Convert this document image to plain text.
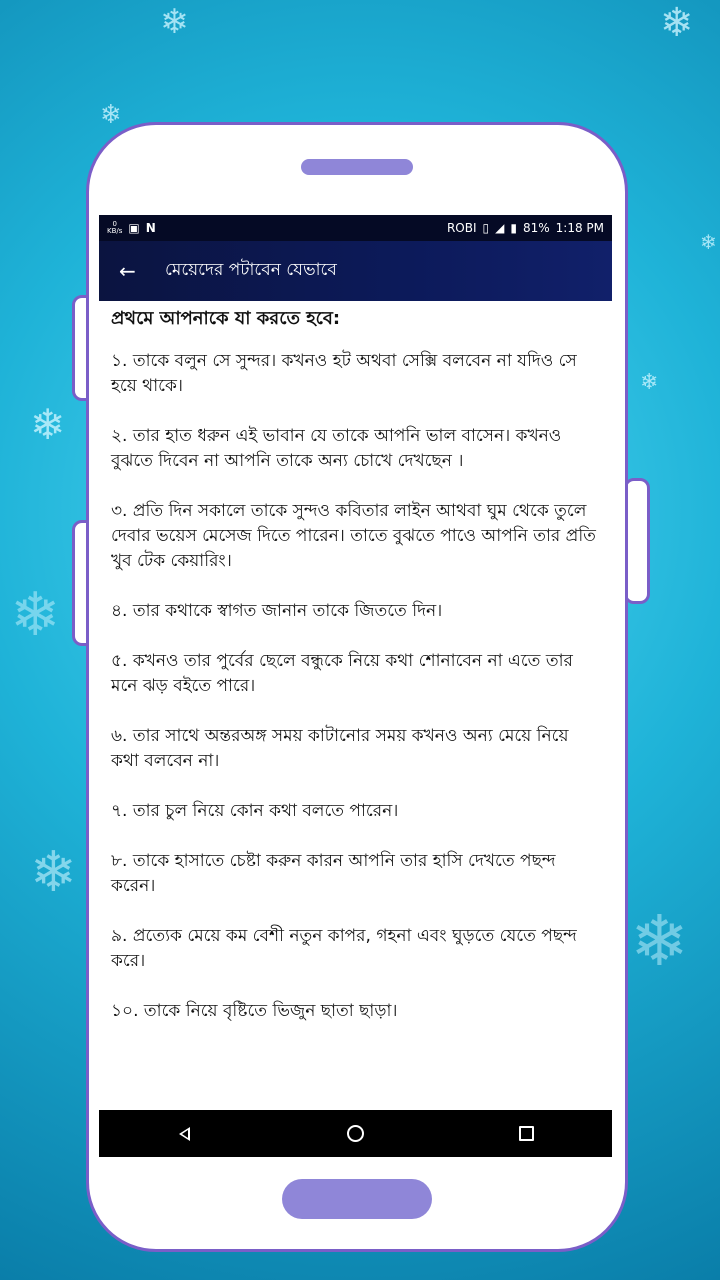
❄
❄
❄
❄
❄
❄
❄
❄
❄
0
KB/s ▣ N	ROBI ▯ ◢ ▮ 81% 1:18 PM
←	মেয়েদের পটাবেন যেভাবে

প্রথমে আপনাকে যা করতে হবে:

১. তাকে বলুন সে সুন্দর। কখনও হট অথবা সেক্সি বলবেন না যদিও সে হয়ে থাকে।

২. তার হাত ধরুন এই ভাবান যে তাকে আপনি ভাল বাসেন। কখনও বুঝতে দিবেন না আপনি তাকে অন্য চোখে দেখছেন ।

৩. প্রতি দিন সকালে তাকে সুন্দও কবিতার লাইন আথবা ঘুম থেকে তুলে দেবার ভয়েস মেসেজ দিতে পারেন। তাতে বুঝতে পাওে আপনি তার প্রতি খুব টেক কেয়ারিং।

৪. তার কথাকে স্বাগত জানান তাকে জিততে দিন।

৫. কখনও তার পুর্বের ছেলে বন্ধুকে নিয়ে কথা শোনাবেন না এতে তার মনে ঝড় বইতে পারে।

৬. তার সাথে অন্তরঅঙ্গ সময় কাটানোর সময় কখনও অন্য মেয়ে নিয়ে কথা বলবেন না।

৭. তার চুল নিয়ে কোন কথা বলতে পারেন।

৮. তাকে হাসাতে চেষ্টা করুন কারন আপনি তার হাসি দেখতে পছন্দ করেন।

৯. প্রত্যেক মেয়ে কম বেশী নতুন কাপর, গহনা এবং ঘুড়তে যেতে পছন্দ করে।

১০. তাকে নিয়ে বৃষ্টিতে ভিজুন ছাতা ছাড়া।
